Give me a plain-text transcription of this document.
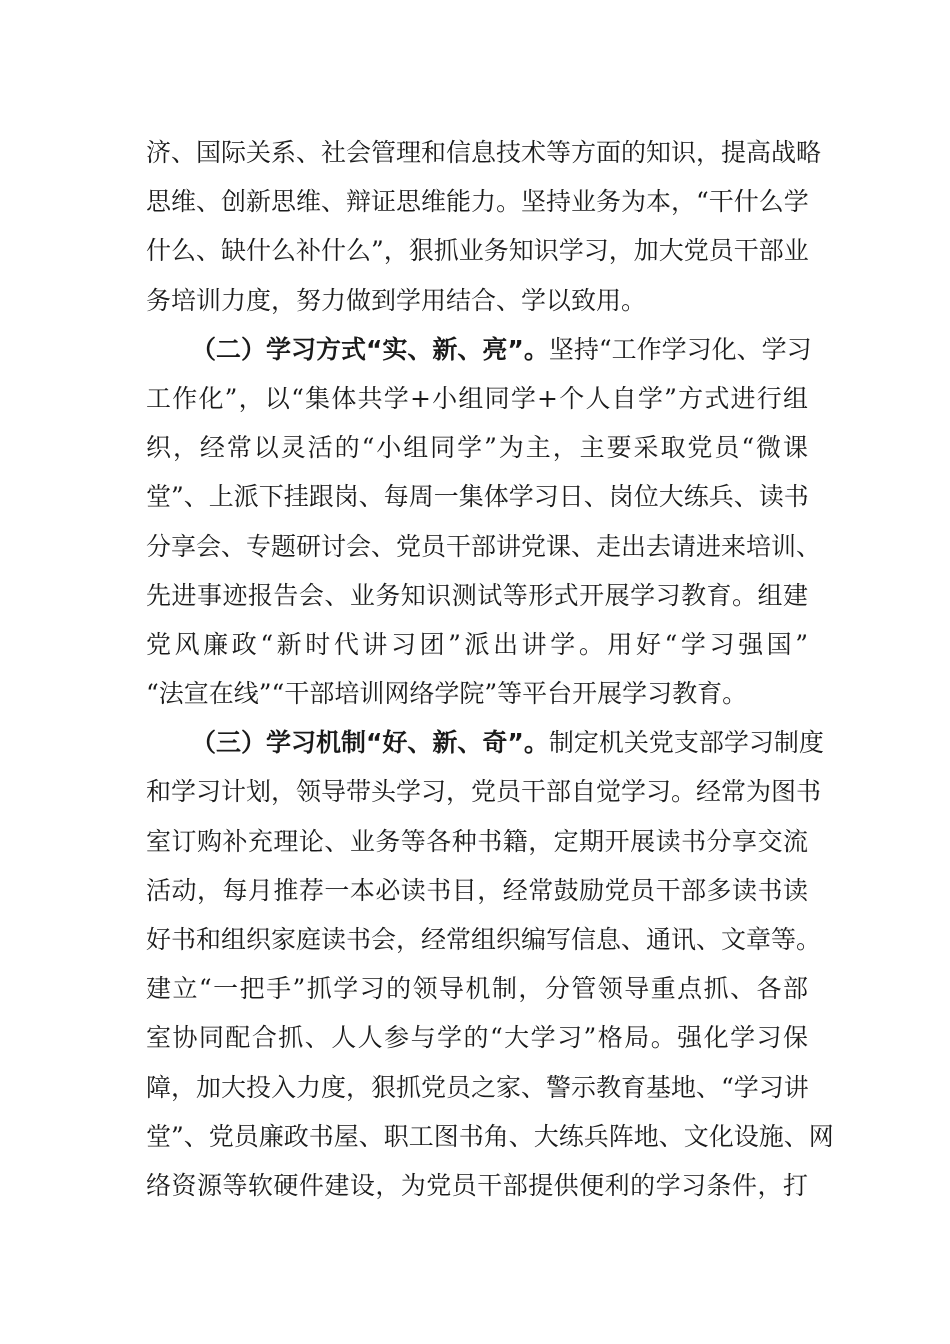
济、国际关系、社会管理和信息技术等方面的知识，提高战略
思维、创新思维、辩证思维能力。坚持业务为本，“干什么学
什么、缺什么补什么”，狠抓业务知识学习，加大党员干部业
务培训力度，努力做到学用结合、学以致用。
（二）学习方式“实、新、亮”。坚持“工作学习化、学习
工作化”，以“集体共学+小组同学+个人自学”方式进行组
织，经常以灵活的“小组同学”为主，主要采取党员“微课
堂”、上派下挂跟岗、每周一集体学习日、岗位大练兵、读书
分享会、专题研讨会、党员干部讲党课、走出去请进来培训、
先进事迹报告会、业务知识测试等形式开展学习教育。组建
党风廉政“新时代讲习团”派出讲学。用好“学习强国”
“法宣在线”“干部培训网络学院”等平台开展学习教育。
（三）学习机制“好、新、奇”。制定机关党支部学习制度
和学习计划，领导带头学习，党员干部自觉学习。经常为图书
室订购补充理论、业务等各种书籍，定期开展读书分享交流
活动，每月推荐一本必读书目，经常鼓励党员干部多读书读
好书和组织家庭读书会，经常组织编写信息、通讯、文章等。
建立“一把手”抓学习的领导机制，分管领导重点抓、各部
室协同配合抓、人人参与学的“大学习”格局。强化学习保
障，加大投入力度，狠抓党员之家、警示教育基地、“学习讲
堂”、党员廉政书屋、职工图书角、大练兵阵地、文化设施、网
络资源等软硬件建设，为党员干部提供便利的学习条件，打
